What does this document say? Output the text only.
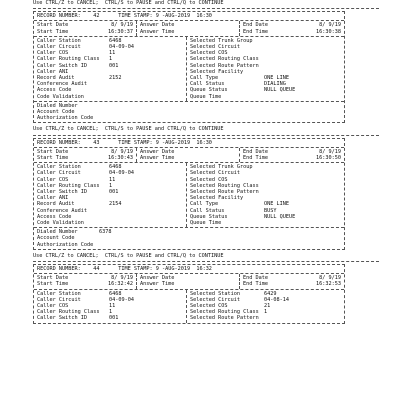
Use CTRL/Z to CANCEL;  CTRL/S to PAUSE and CTRL/Q to CONTINUE
RECORD NUMBER: 42	TIME STAMP: 9 -AUG-2019  16:30
Start Date	8/ 9/19
Start Time	16:30:37
Answer Date
Answer Time
End Date	8/ 9/19
End Time	16:30:38
Caller Station	6468
Caller Circuit	04-09-04
Caller COS	11
Caller Routing Class	1
Caller Switch ID	001
Caller ANI
Record Audit	2152
Conference Audit
Access Code
Code Validation
Selected Trunk Group
Selected Circuit
Selected COS
Selected Routing Class
Selected Route Pattern
Selected Facility
Call Type	ONE LINE
Call Status	DIALING
Queue Status	NULL QUEUE
Queue Time
Dialed Number
Account Code
Authorization Code
Use CTRL/Z to CANCEL;  CTRL/S to PAUSE and CTRL/Q to CONTINUE
RECORD NUMBER: 43	TIME STAMP: 9 -AUG-2019  16:30
Start Date	8/ 9/19
Start Time	16:30:43
Answer Date
Answer Time
End Date	8/ 9/19
End Time	16:30:50
Caller Station	6468
Caller Circuit	04-09-04
Caller COS	11
Caller Routing Class	1
Caller Switch ID	001
Caller ANI
Record Audit	2154
Conference Audit
Access Code
Code Validation
Selected Trunk Group
Selected Circuit
Selected COS
Selected Routing Class
Selected Route Pattern
Selected Facility
Call Type	ONE LINE
Call Status	BUSY
Queue Status	NULL QUEUE
Queue Time
Dialed Number	6378
Account Code
Authorization Code
Use CTRL/Z to CANCEL;  CTRL/S to PAUSE and CTRL/Q to CONTINUE
RECORD NUMBER: 44	TIME STAMP: 9 -AUG-2019  16:32
Start Date	8/ 9/19
Start Time	16:32:42
Answer Date
Answer Time
End Date	8/ 9/19
End Time	16:32:53
Caller Station	6468
Caller Circuit	04-09-04
Caller COS	11
Caller Routing Class	1
Caller Switch ID	001
Selected Station	6429
Selected Circuit	04-08-14
Selected COS	21
Selected Routing Class	1
Selected Route Pattern
